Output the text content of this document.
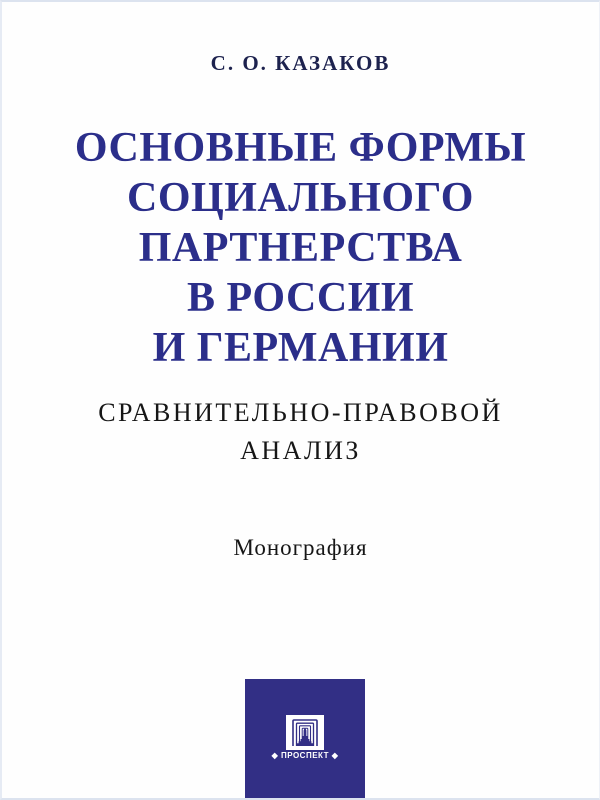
С. О. КАЗАКОВ
ОСНОВНЫЕ ФОРМЫ
СОЦИАЛЬНОГО
ПАРТНЕРСТВА
В РОССИИ
И ГЕРМАНИИ
СРАВНИТЕЛЬНО-ПРАВОВОЙ
АНАЛИЗ
Монография
◆ ПРОСПЕКТ ◆
